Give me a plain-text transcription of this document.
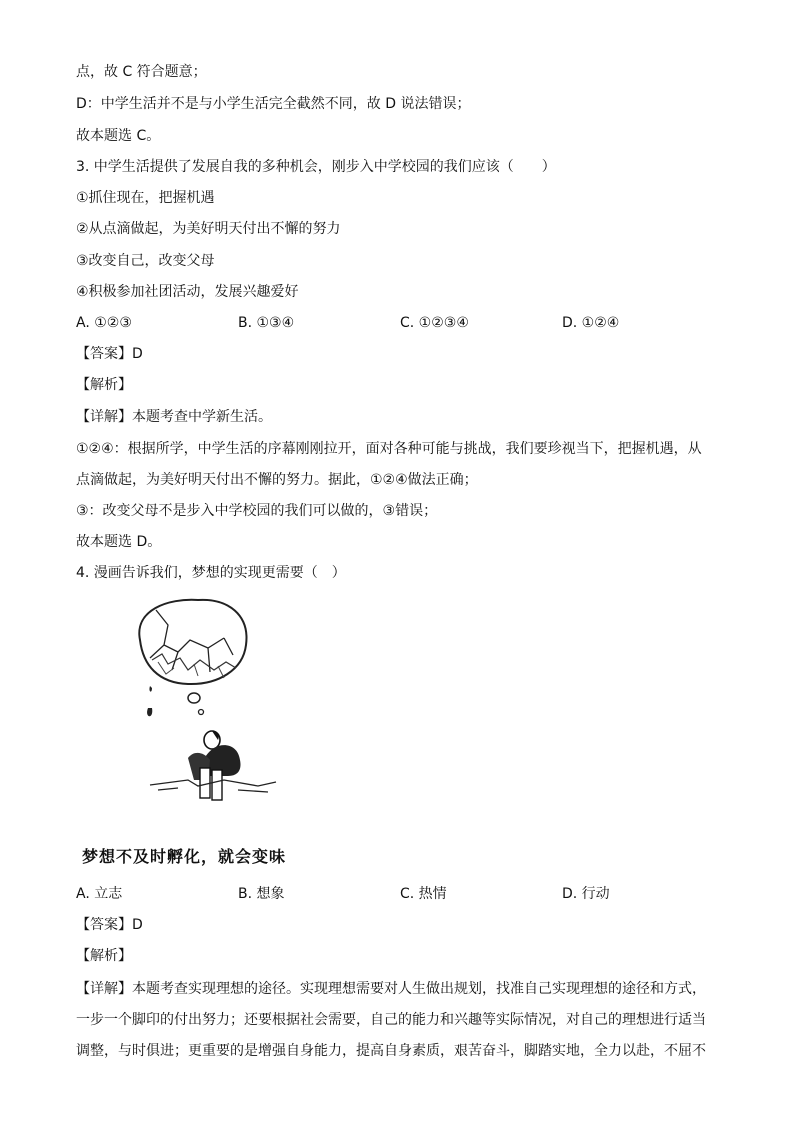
点，故 C 符合题意；
D：中学生活并不是与小学生活完全截然不同，故 D 说法错误；
故本题选 C。
3. 中学生活提供了发展自我的多种机会，刚步入中学校园的我们应该（　　）
①抓住现在，把握机遇
②从点滴做起，为美好明天付出不懈的努力
③改变自己，改变父母
④积极参加社团活动，发展兴趣爱好
A. ①②③	B. ①③④	C. ①②③④	D. ①②④
【答案】D
【解析】
【详解】本题考查中学新生活。
①②④：根据所学，中学生活的序幕刚刚拉开，面对各种可能与挑战，我们要珍视当下，把握机遇，从
点滴做起，为美好明天付出不懈的努力。据此，①②④做法正确；
③：改变父母不是步入中学校园的我们可以做的，③错误；
故本题选 D。
4. 漫画告诉我们，梦想的实现更需要（　）
梦想不及时孵化，就会变味
A. 立志	B. 想象	C. 热情	D. 行动
【答案】D
【解析】
【详解】本题考查实现理想的途径。实现理想需要对人生做出规划，找准自己实现理想的途径和方式，
一步一个脚印的付出努力；还要根据社会需要，自己的能力和兴趣等实际情况，对自己的理想进行适当
调整，与时俱进；更重要的是增强自身能力，提高自身素质，艰苦奋斗，脚踏实地，全力以赴，不屈不
